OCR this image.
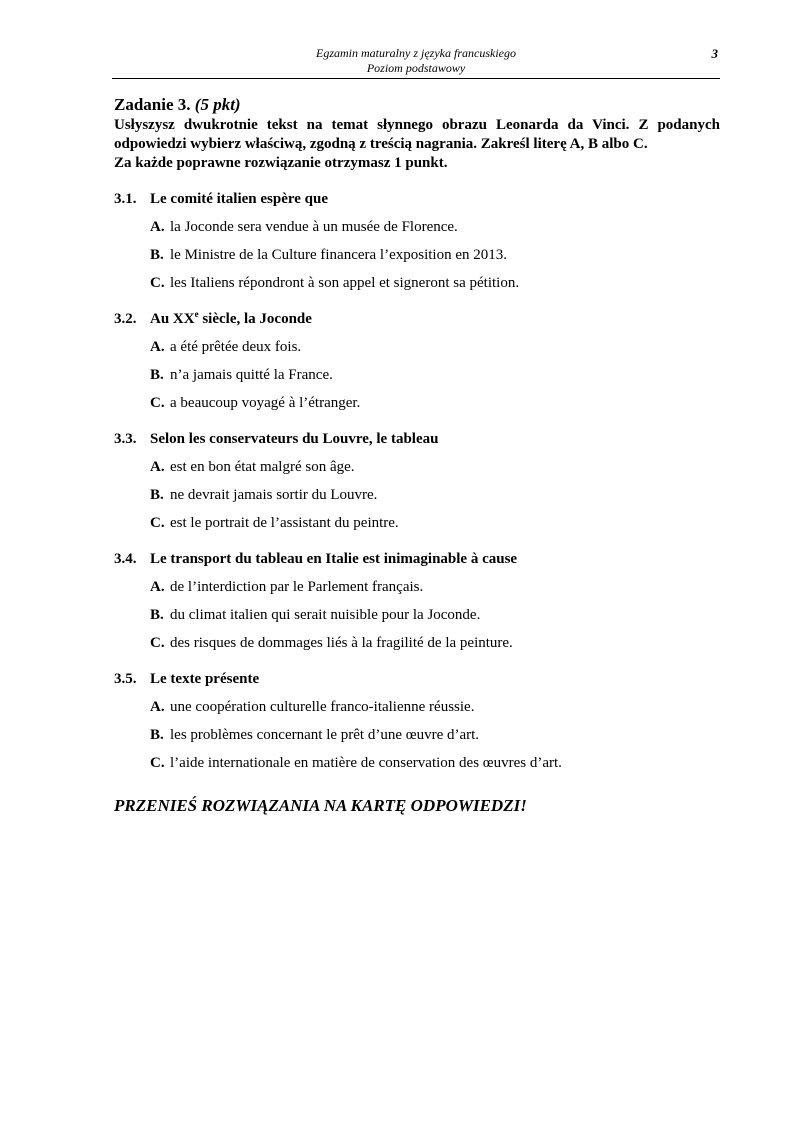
Egzamin maturalny z języka francuskiego
Poziom podstawowy
3
Zadanie 3. (5 pkt)
Usłyszysz dwukrotnie tekst na temat słynnego obrazu Leonarda da Vinci. Z podanych odpowiedzi wybierz właściwą, zgodną z treścią nagrania. Zakreśl literę A, B albo C.
Za każde poprawne rozwiązanie otrzymasz 1 punkt.
3.1. Le comité italien espère que
A. la Joconde sera vendue à un musée de Florence.
B. le Ministre de la Culture financera l’exposition en 2013.
C. les Italiens répondront à son appel et signeront sa pétition.
3.2. Au XXe siècle, la Joconde
A. a été prêtée deux fois.
B. n’a jamais quitté la France.
C. a beaucoup voyagé à l’étranger.
3.3. Selon les conservateurs du Louvre, le tableau
A. est en bon état malgré son âge.
B. ne devrait jamais sortir du Louvre.
C. est le portrait de l’assistant du peintre.
3.4. Le transport du tableau en Italie est inimaginable à cause
A. de l’interdiction par le Parlement français.
B. du climat italien qui serait nuisible pour la Joconde.
C. des risques de dommages liés à la fragilité de la peinture.
3.5. Le texte présente
A. une coopération culturelle franco-italienne réussie.
B. les problèmes concernant le prêt d’une œuvre d’art.
C. l’aide internationale en matière de conservation des œuvres d’art.
PRZENIEŚ ROZWIĄZANIA NA KARTĘ ODPOWIEDZI!
